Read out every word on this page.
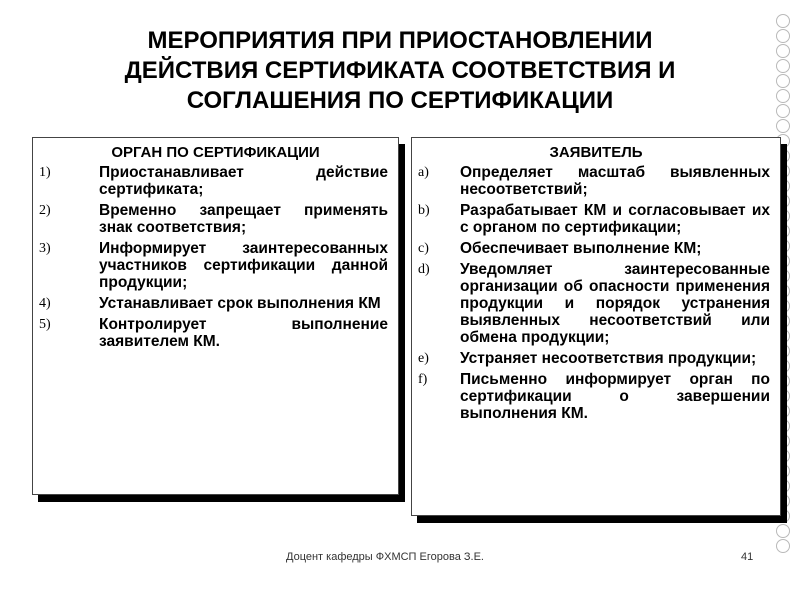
МЕРОПРИЯТИЯ ПРИ ПРИОСТАНОВЛЕНИИ
ДЕЙСТВИЯ СЕРТИФИКАТА СООТВЕТСТВИЯ И
СОГЛАШЕНИЯ ПО СЕРТИФИКАЦИИ
ОРГАН ПО СЕРТИФИКАЦИИ
1)	Приостанавливает действие сертификата;
2)	Временно запрещает применять знак соответствия;
3)	Информирует заинтересованных участников сертификации данной продукции;
4)	Устанавливает срок выполнения КМ
5)	Контролирует выполнение заявителем КМ.
ЗАЯВИТЕЛЬ
a)	Определяет масштаб выявленных несоответствий;
b)	Разрабатывает КМ и согласовывает их с органом по сертификации;
c)	Обеспечивает выполнение КМ;
d)	Уведомляет заинтересованные организации об опасности применения продукции и порядок устранения выявленных несоответствий или обмена продукции;
e)	Устраняет несоответствия продукции;
f)	Письменно информирует орган по сертификации о завершении выполнения КМ.
Доцент кафедры ФХМСП Егорова З.Е.	41
